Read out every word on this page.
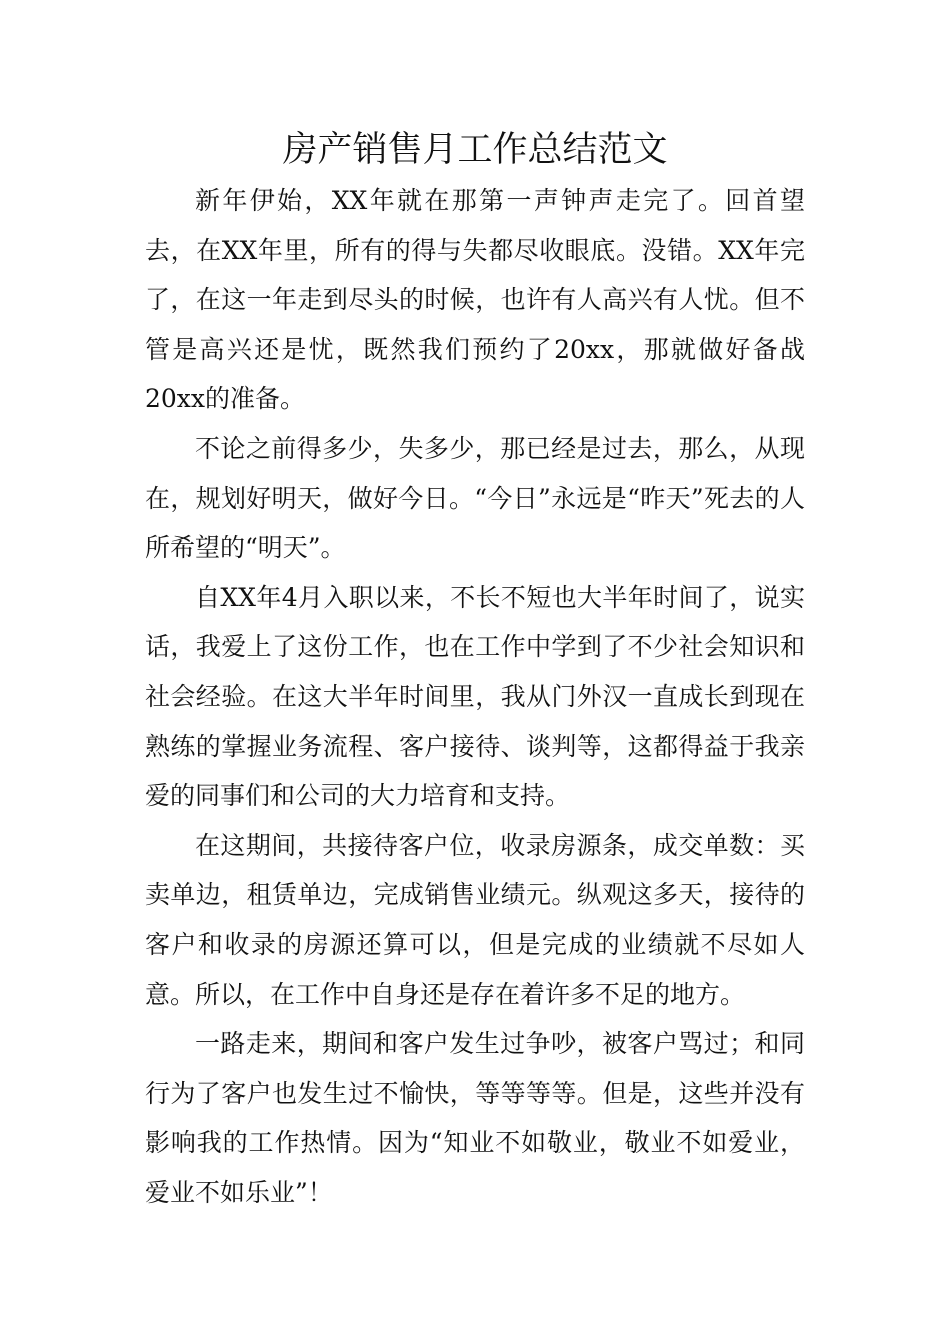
房产销售月工作总结范文

新年伊始，XX年就在那第一声钟声走完了。回首望去，在XX年里，所有的得与失都尽收眼底。没错。XX年完了，在这一年走到尽头的时候，也许有人高兴有人忧。但不管是高兴还是忧，既然我们预约了20xx，那就做好备战20xx的准备。

不论之前得多少，失多少，那已经是过去，那么，从现在，规划好明天，做好今日。“今日”永远是“昨天”死去的人所希望的“明天”。

自XX年4月入职以来，不长不短也大半年时间了，说实话，我爱上了这份工作，也在工作中学到了不少社会知识和社会经验。在这大半年时间里，我从门外汉一直成长到现在熟练的掌握业务流程、客户接待、谈判等，这都得益于我亲爱的同事们和公司的大力培育和支持。

在这期间，共接待客户位，收录房源条，成交单数：买卖单边，租赁单边，完成销售业绩元。纵观这多天，接待的客户和收录的房源还算可以，但是完成的业绩就不尽如人意。所以，在工作中自身还是存在着许多不足的地方。

一路走来，期间和客户发生过争吵，被客户骂过；和同行为了客户也发生过不愉快，等等等等。但是，这些并没有影响我的工作热情。因为“知业不如敬业，敬业不如爱业，爱业不如乐业”！
